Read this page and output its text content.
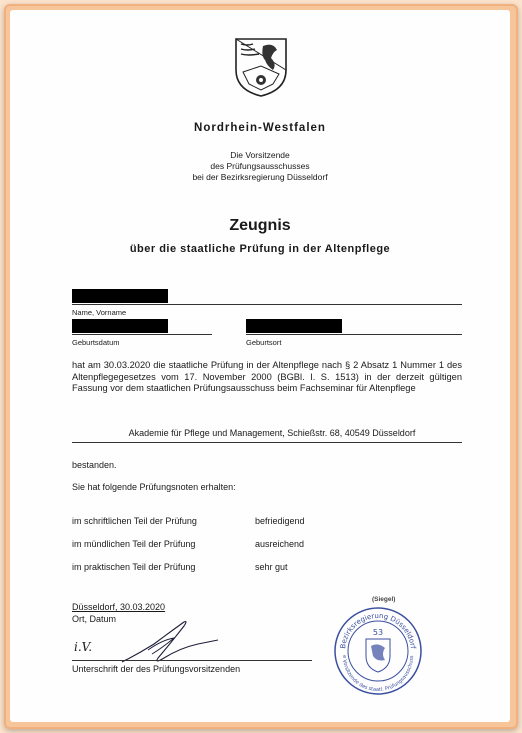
Nordrhein-Westfalen
Die Vorsitzende
des Prüfungsausschusses
bei der Bezirksregierung Düsseldorf
Zeugnis
über die staatliche Prüfung in der Altenpflege
Name, Vorname
Geburtsdatum	Geburtsort
hat am 30.03.2020 die staatliche Prüfung in der Altenpflege nach § 2 Absatz 1 Nummer 1 des Altenpflegegesetzes vom 17. November 2000 (BGBl. I. S. 1513) in der derzeit gültigen Fassung vor dem staatlichen Prüfungsausschuss beim Fachseminar für Altenpflege
Akademie für Pflege und Management, Schießstr. 68, 40549 Düsseldorf
bestanden.
Sie hat folgende Prüfungsnoten erhalten:
im schriftlichen Teil der Prüfung	befriedigend
im mündlichen Teil der Prüfung	ausreichend
im praktischen Teil der Prüfung	sehr gut
Düsseldorf, 30.03.2020
Ort, Datum
i.V.
Unterschrift der des Prüfungsvorsitzenden
(Siegel)
Bezirksregierung Düsseldorf
e Vorsitzende des staatl. Prüfungsausschuss
53
